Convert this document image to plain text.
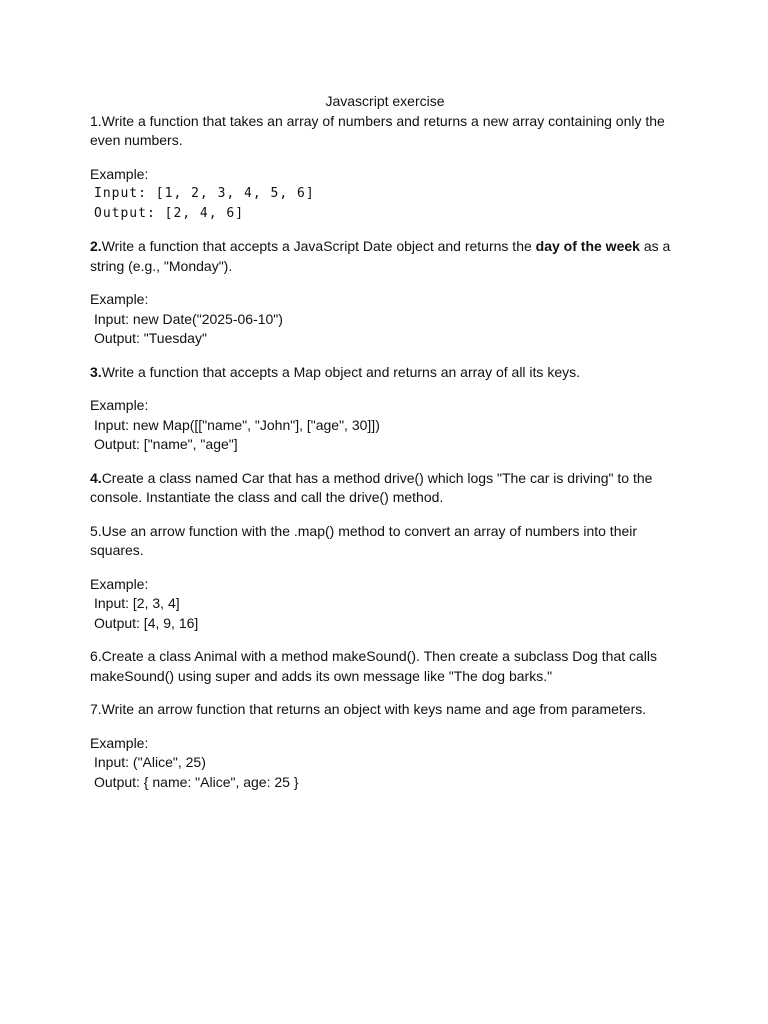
Javascript exercise

1.Write a function that takes an array of numbers and returns a new array containing only the even numbers.

Example:
Input: [1, 2, 3, 4, 5, 6]
Output: [2, 4, 6]

2.Write a function that accepts a JavaScript Date object and returns the day of the week as a string (e.g., "Monday").

Example:
Input: new Date("2025-06-10")
Output: "Tuesday"

3.Write a function that accepts a Map object and returns an array of all its keys.

Example:
Input: new Map([["name", "John"], ["age", 30]])
Output: ["name", "age"]

4.Create a class named Car that has a method drive() which logs "The car is driving" to the console. Instantiate the class and call the drive() method.

5.Use an arrow function with the .map() method to convert an array of numbers into their squares.

Example:
Input: [2, 3, 4]
Output: [4, 9, 16]

6.Create a class Animal with a method makeSound(). Then create a subclass Dog that calls makeSound() using super and adds its own message like "The dog barks."

7.Write an arrow function that returns an object with keys name and age from parameters.

Example:
Input: ("Alice", 25)
Output: { name: "Alice", age: 25 }
